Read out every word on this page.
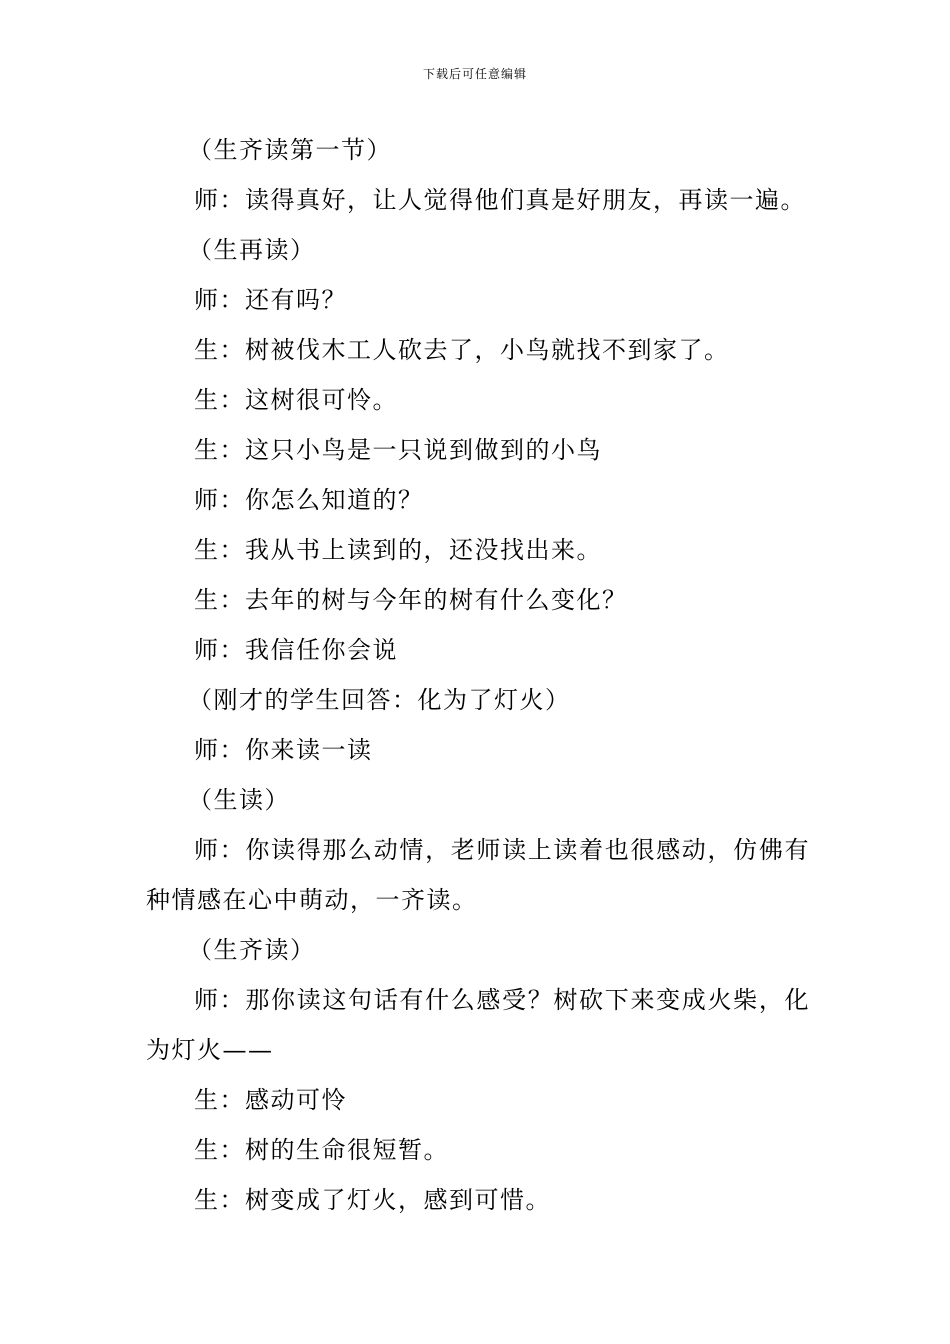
下载后可任意编辑

（生齐读第一节）

师：读得真好，让人觉得他们真是好朋友，再读一遍。

（生再读）

师：还有吗？

生：树被伐木工人砍去了，小鸟就找不到家了。

生：这树很可怜。

生：这只小鸟是一只说到做到的小鸟

师：你怎么知道的？

生：我从书上读到的，还没找出来。

生：去年的树与今年的树有什么变化？

师：我信任你会说

（刚才的学生回答：化为了灯火）

师：你来读一读

（生读）

师：你读得那么动情，老师读上读着也很感动，仿佛有种情感在心中萌动，一齐读。

（生齐读）

师：那你读这句话有什么感受？树砍下来变成火柴，化为灯火——

生：感动可怜

生：树的生命很短暂。

生：树变成了灯火，感到可惜。
